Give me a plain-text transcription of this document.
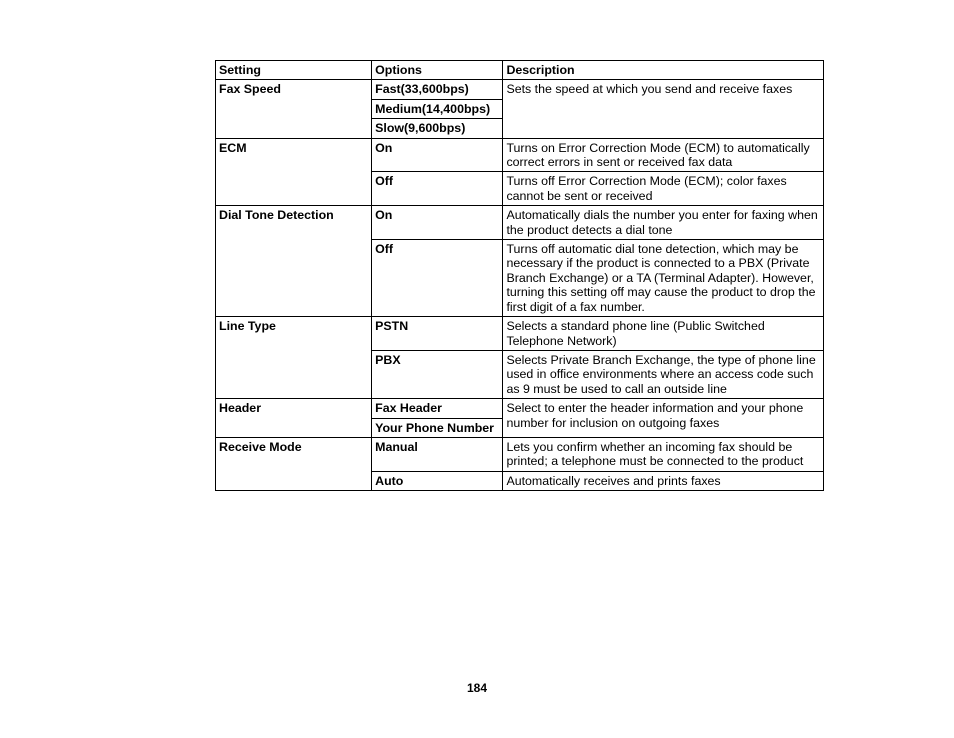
Setting	Options	Description
Fax Speed	Fast(33,600bps)	Sets the speed at which you send and receive faxes
	Medium(14,400bps)	
	Slow(9,600bps)	
ECM	On	Turns on Error Correction Mode (ECM) to automatically correct errors in sent or received fax data
	Off	Turns off Error Correction Mode (ECM); color faxes cannot be sent or received
Dial Tone Detection	On	Automatically dials the number you enter for faxing when the product detects a dial tone
	Off	Turns off automatic dial tone detection, which may be necessary if the product is connected to a PBX (Private Branch Exchange) or a TA (Terminal Adapter). However, turning this setting off may cause the product to drop the first digit of a fax number.
Line Type	PSTN	Selects a standard phone line (Public Switched Telephone Network)
	PBX	Selects Private Branch Exchange, the type of phone line used in office environments where an access code such as 9 must be used to call an outside line
Header	Fax Header	Select to enter the header information and your phone number for inclusion on outgoing faxes
	Your Phone Number	
Receive Mode	Manual	Lets you confirm whether an incoming fax should be printed; a telephone must be connected to the product
	Auto	Automatically receives and prints faxes
184
